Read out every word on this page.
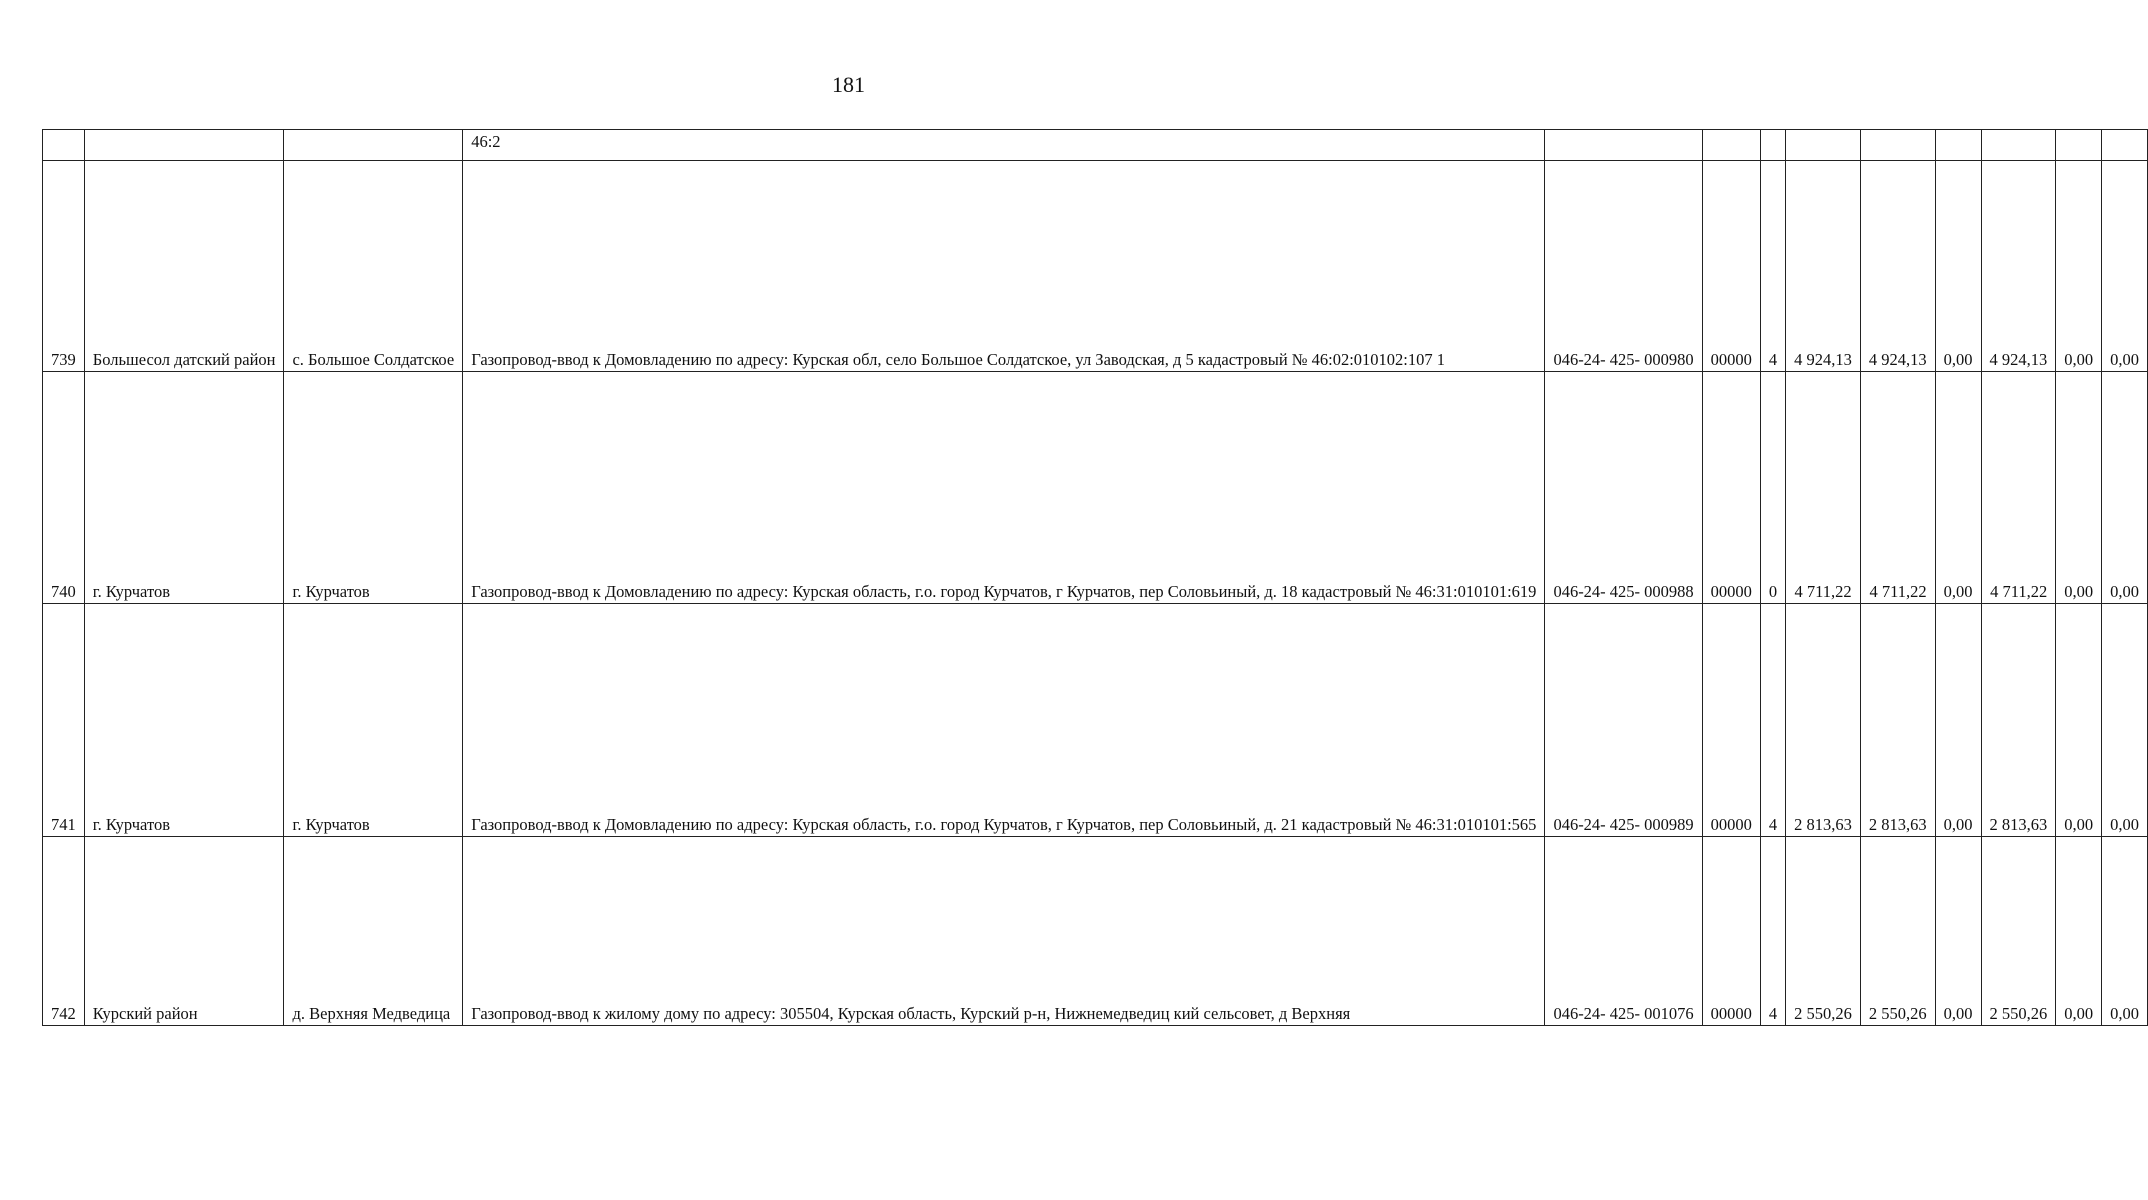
181
			46:2									
739	Большесол датский район	с. Большое Солдатское	Газопровод-ввод к Домовладению по адресу: Курская обл, село Большое Солдатское, ул Заводская, д 5 кадастровый № 46:02:010102:107 1	046-24- 425- 000980	00000	4	4 924,13	4 924,13	0,00	4 924,13	0,00	0,00
740	г. Курчатов	г. Курчатов	Газопровод-ввод к Домовладению по адресу: Курская область, г.о. город Курчатов, г Курчатов, пер Соловьиный, д. 18 кадастровый № 46:31:010101:619	046-24- 425- 000988	00000	0	4 711,22	4 711,22	0,00	4 711,22	0,00	0,00
741	г. Курчатов	г. Курчатов	Газопровод-ввод к Домовладению по адресу: Курская область, г.о. город Курчатов, г Курчатов, пер Соловьиный, д. 21 кадастровый № 46:31:010101:565	046-24- 425- 000989	00000	4	2 813,63	2 813,63	0,00	2 813,63	0,00	0,00
742	Курский район	д. Верхняя Медведица	Газопровод-ввод к жилому дому по адресу: 305504, Курская область, Курский р-н, Нижнемедведиц кий сельсовет, д Верхняя	046-24- 425- 001076	00000	4	2 550,26	2 550,26	0,00	2 550,26	0,00	0,00
